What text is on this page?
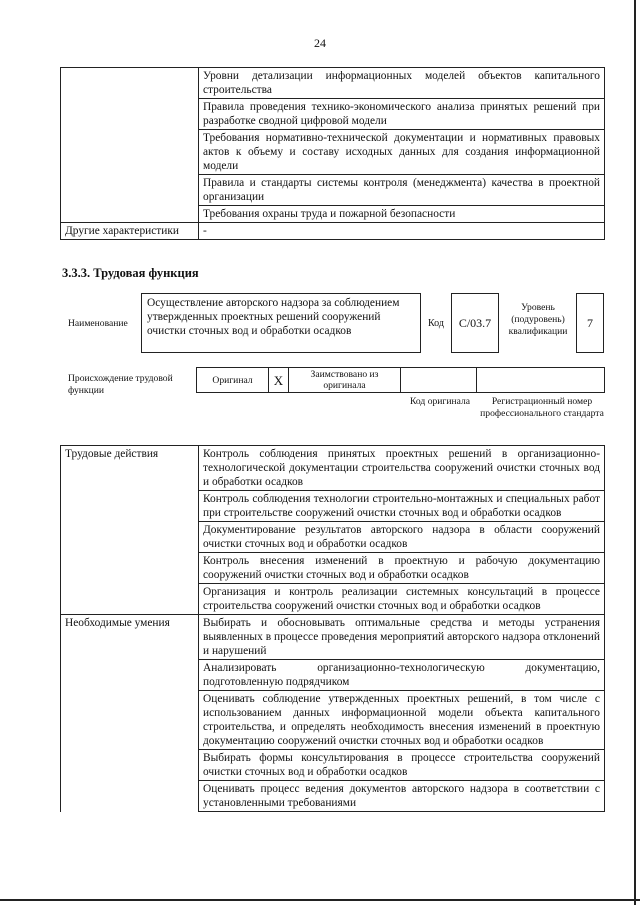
24
	Уровни детализации информационных моделей объектов капитального строительства
	Правила проведения технико-экономического анализа принятых решений при разработке сводной цифровой модели
	Требования нормативно-технической документации и нормативных правовых актов к объему и составу исходных данных для создания информационной модели
	Правила и стандарты системы контроля (менеджмента) качества в проектной организации
	Требования охраны труда и пожарной безопасности
Другие характеристики	-
3.3.3. Трудовая функция
Наименование
Осуществление авторского надзора за соблюдением утвержденных проектных решений сооружений очистки сточных вод и обработки осадков
Код	С/03.7
Уровень (подуровень) квалификации
7
Происхождение трудовой функции
Оригинал	X	Заимствовано из оригинала		
Код оригинала	Регистрационный номер профессионального стандарта
Трудовые действия	Контроль соблюдения принятых проектных решений в организационно-технологической документации строительства сооружений очистки сточных вод и обработки осадков
	Контроль соблюдения технологии строительно-монтажных и специальных работ при строительстве сооружений очистки сточных вод и обработки осадков
	Документирование результатов авторского надзора в области сооружений очистки сточных вод и обработки осадков
	Контроль внесения изменений в проектную и рабочую документацию сооружений очистки сточных вод и обработки осадков
	Организация и контроль реализации системных консультаций в процессе строительства сооружений очистки сточных вод и обработки осадков
Необходимые умения	Выбирать и обосновывать оптимальные средства и методы устранения выявленных в процессе проведения мероприятий авторского надзора отклонений и нарушений
	Анализировать организационно-технологическую документацию, подготовленную подрядчиком
	Оценивать соблюдение утвержденных проектных решений, в том числе с использованием данных информационной модели объекта капитального строительства, и определять необходимость внесения изменений в проектную документацию сооружений очистки сточных вод и обработки осадков
	Выбирать формы консультирования в процессе строительства сооружений очистки сточных вод и обработки осадков
	Оценивать процесс ведения документов авторского надзора в соответствии с установленными требованиями
